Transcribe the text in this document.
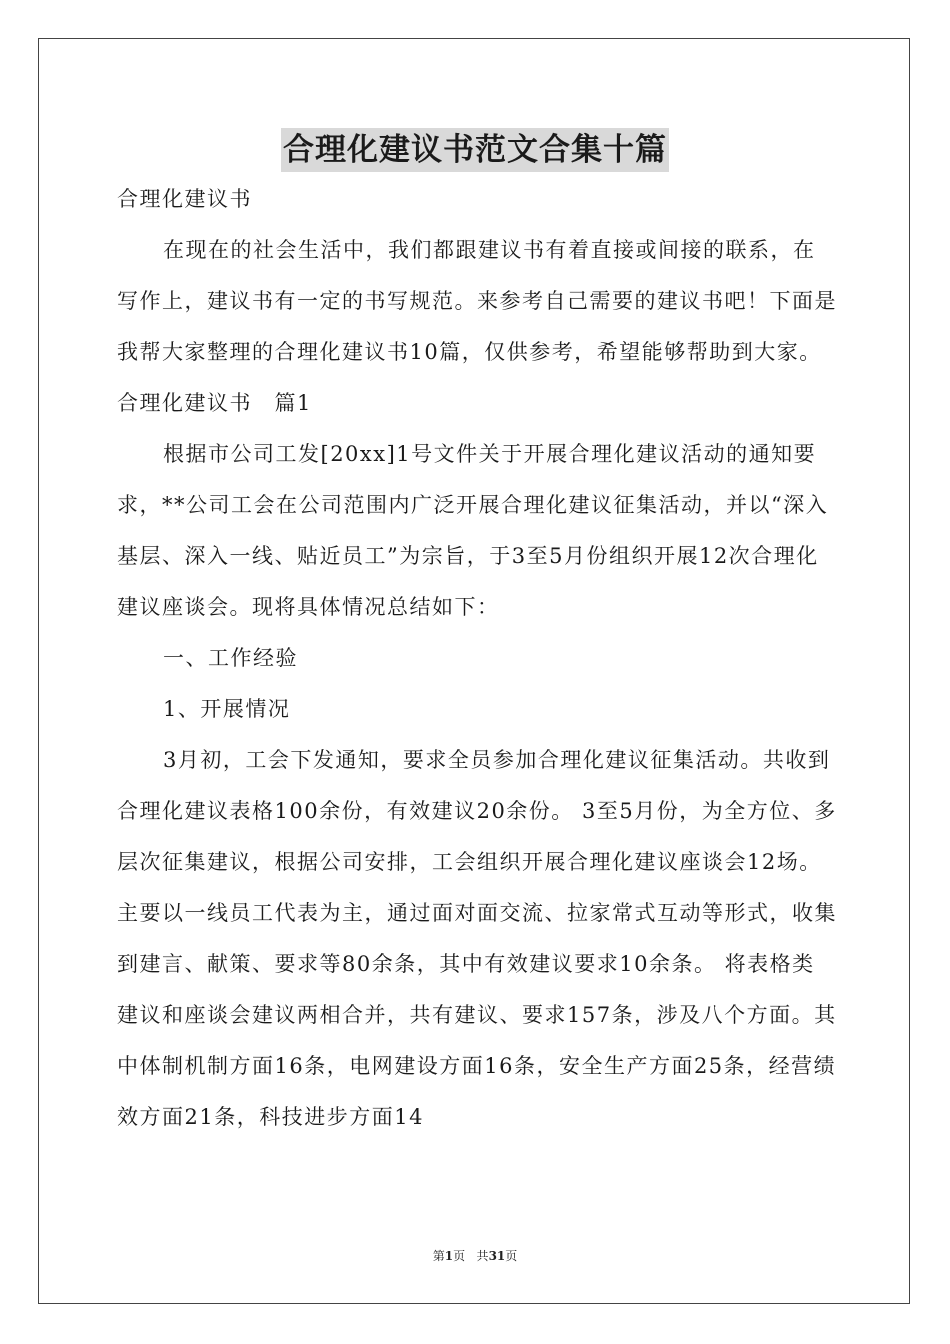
合理化建议书范文合集十篇

合理化建议书

在现在的社会生活中，我们都跟建议书有着直接或间接的联系，在写作上，建议书有一定的书写规范。来参考自己需要的建议书吧！下面是我帮大家整理的合理化建议书10篇，仅供参考，希望能够帮助到大家。

合理化建议书　篇1

根据市公司工发[20xx]1号文件关于开展合理化建议活动的通知要求，**公司工会在公司范围内广泛开展合理化建议征集活动，并以“深入基层、深入一线、贴近员工”为宗旨，于3至5月份组织开展12次合理化建议座谈会。现将具体情况总结如下：

一、工作经验

1、开展情况

3月初，工会下发通知，要求全员参加合理化建议征集活动。共收到合理化建议表格100余份，有效建议20余份。 3至5月份，为全方位、多层次征集建议，根据公司安排，工会组织开展合理化建议座谈会12场。主要以一线员工代表为主，通过面对面交流、拉家常式互动等形式，收集到建言、献策、要求等80余条，其中有效建议要求10余条。 将表格类建议和座谈会建议两相合并，共有建议、要求157条，涉及八个方面。其中体制机制方面16条，电网建设方面16条，安全生产方面25条，经营绩效方面21条，科技进步方面14

第1页 共31页
